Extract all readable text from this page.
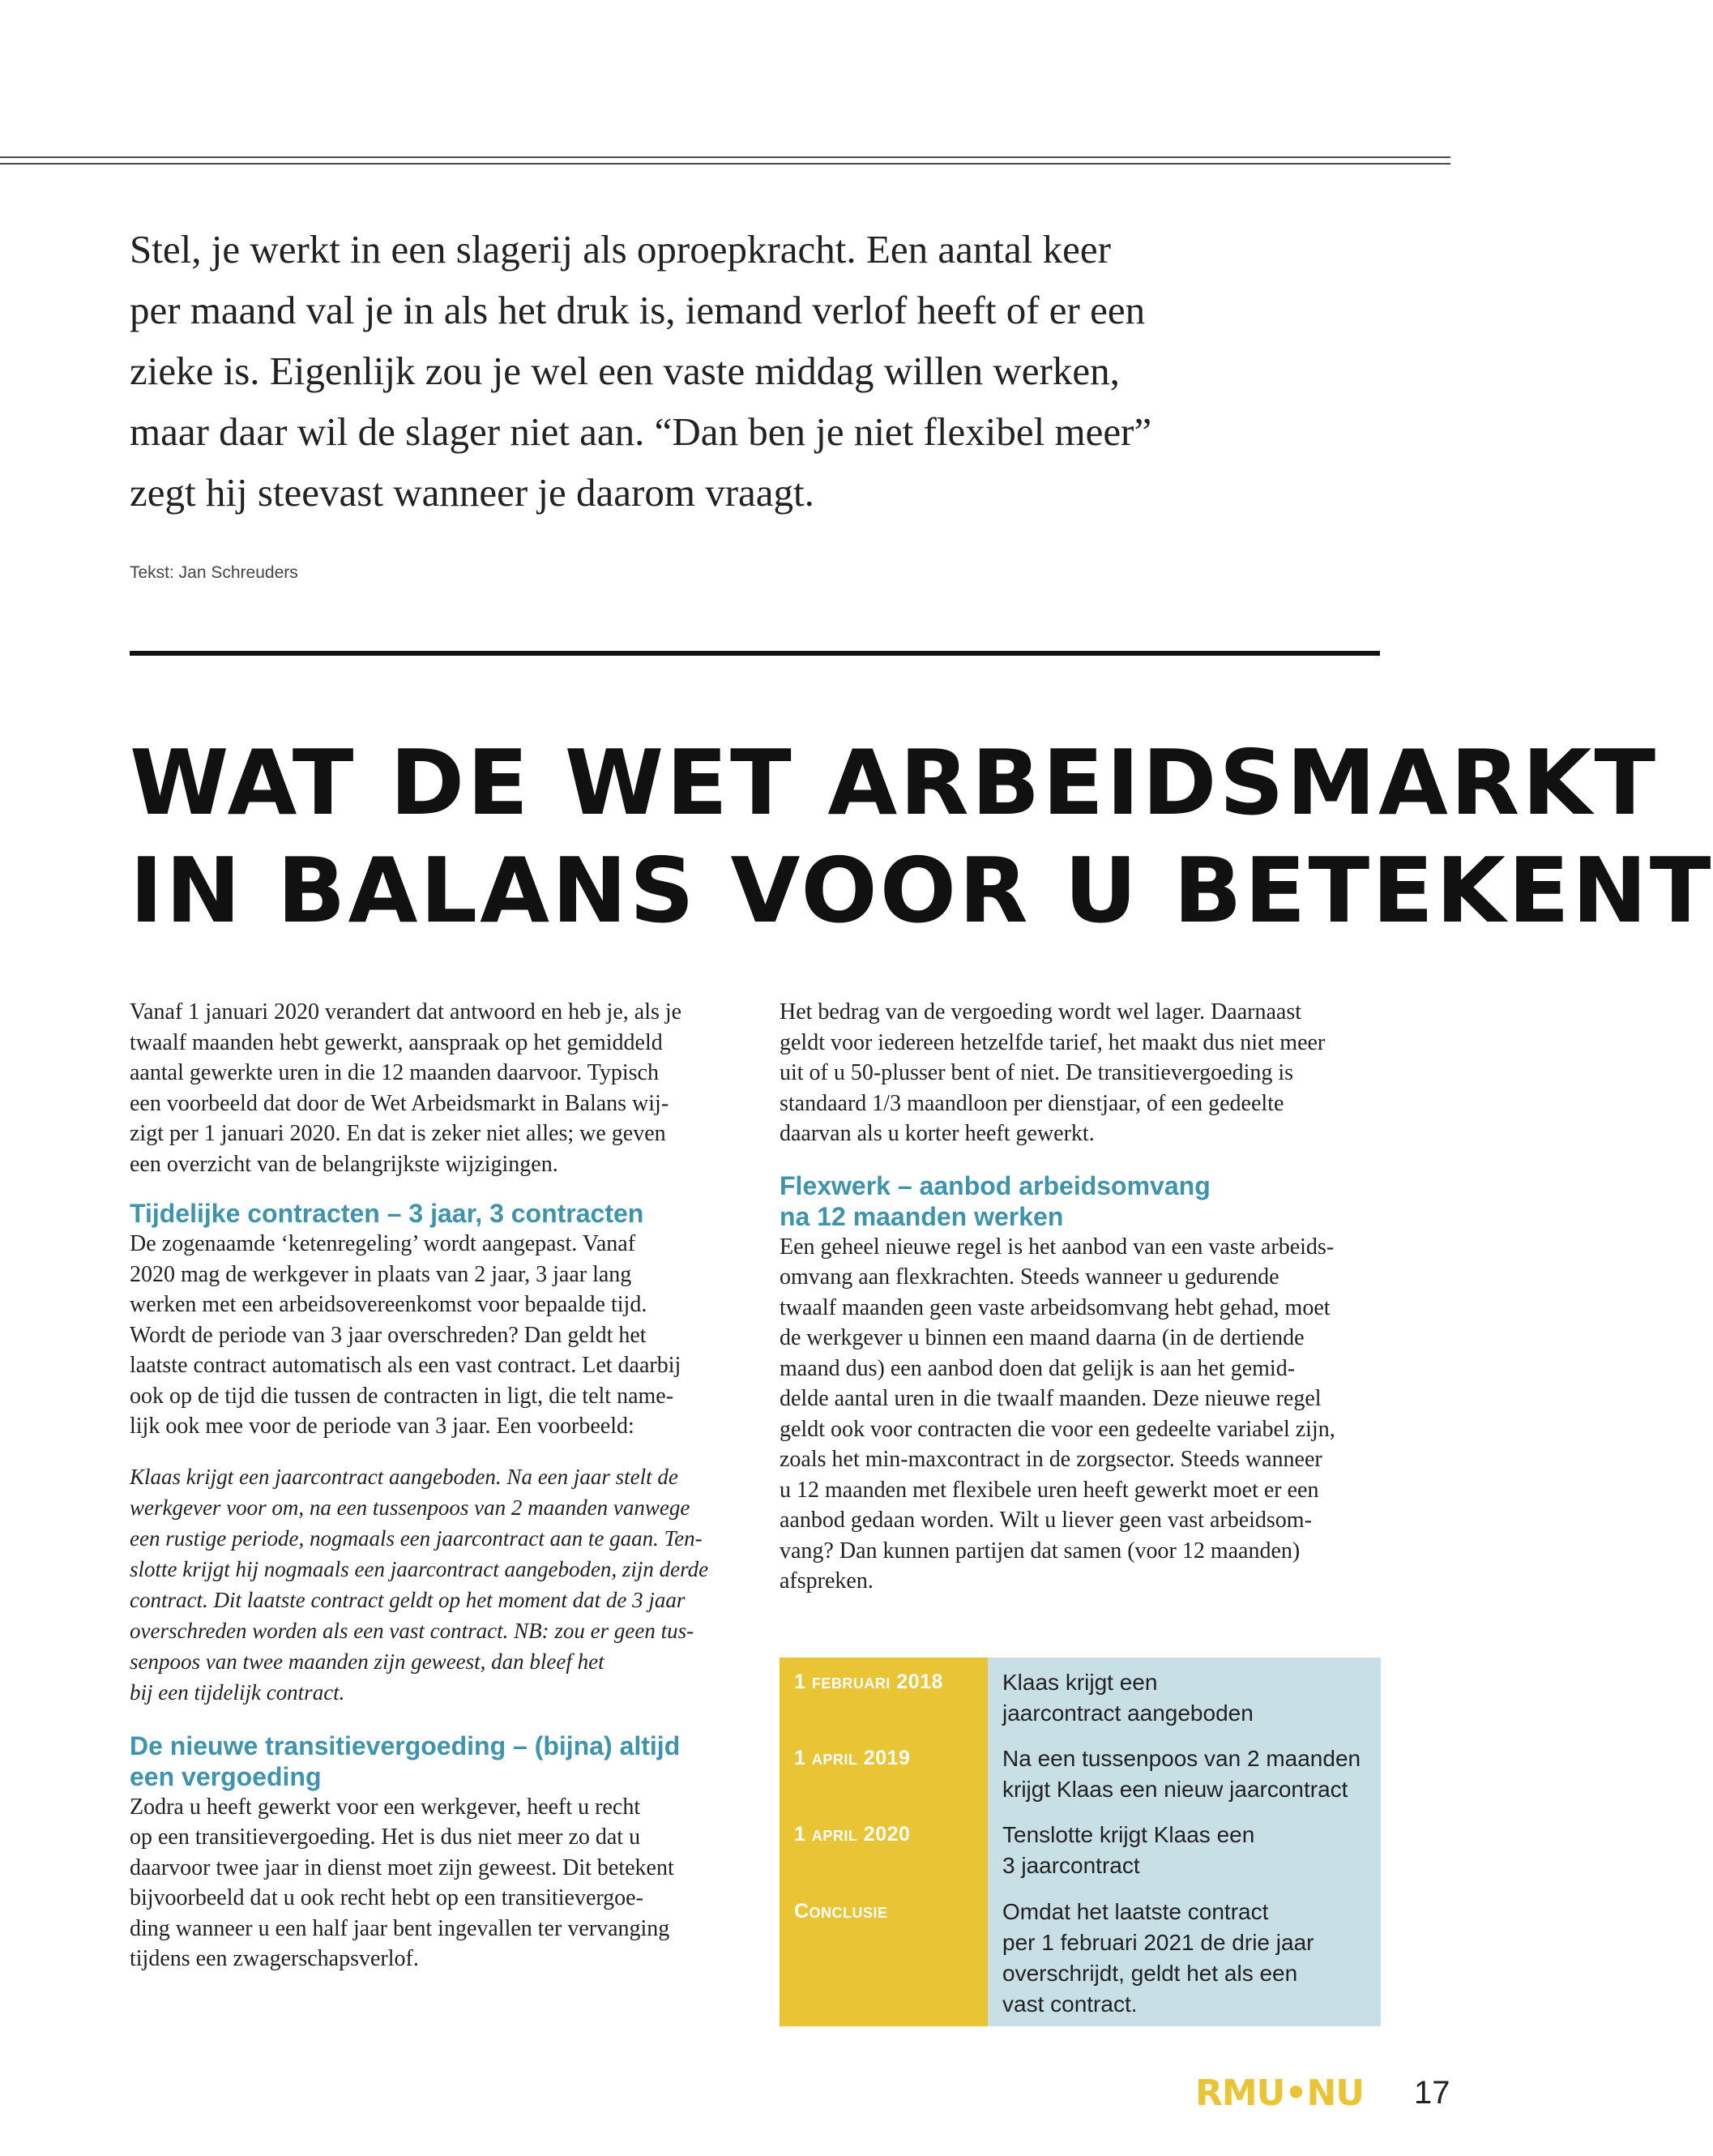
Stel, je werkt in een slagerij als oproepkracht. Een aantal keer
per maand val je in als het druk is, iemand verlof heeft of er een
zieke is. Eigenlijk zou je wel een vaste middag willen werken,
maar daar wil de slager niet aan. “Dan ben je niet flexibel meer”
zegt hij steevast wanneer je daarom vraagt.

Tekst: Jan Schreuders

WAT DE WET ARBEIDSMARKT
IN BALANS VOOR U BETEKENT

Vanaf 1 januari 2020 verandert dat antwoord en heb je, als je
twaalf maanden hebt gewerkt, aanspraak op het gemiddeld
aantal gewerkte uren in die 12 maanden daarvoor. Typisch
een voorbeeld dat door de Wet Arbeidsmarkt in Balans wij-
zigt per 1 januari 2020. En dat is zeker niet alles; we geven
een overzicht van de belangrijkste wijzigingen.

Tijdelijke contracten – 3 jaar, 3 contracten

De zogenaamde ‘ketenregeling’ wordt aangepast. Vanaf
2020 mag de werkgever in plaats van 2 jaar, 3 jaar lang
werken met een arbeidsovereenkomst voor bepaalde tijd.
Wordt de periode van 3 jaar overschreden? Dan geldt het
laatste contract automatisch als een vast contract. Let daarbij
ook op de tijd die tussen de contracten in ligt, die telt name-
lijk ook mee voor de periode van 3 jaar. Een voorbeeld:

Klaas krijgt een jaarcontract aangeboden. Na een jaar stelt de
werkgever voor om, na een tussenpoos van 2 maanden vanwege
een rustige periode, nogmaals een jaarcontract aan te gaan. Ten-
slotte krijgt hij nogmaals een jaarcontract aangeboden, zijn derde
contract. Dit laatste contract geldt op het moment dat de 3 jaar
overschreden worden als een vast contract. NB: zou er geen tus-
senpoos van twee maanden zijn geweest, dan bleef het
bij een tijdelijk contract.

De nieuwe transitievergoeding – (bijna) altijd
een vergoeding

Zodra u heeft gewerkt voor een werkgever, heeft u recht
op een transitievergoeding. Het is dus niet meer zo dat u
daarvoor twee jaar in dienst moet zijn geweest. Dit betekent
bijvoorbeeld dat u ook recht hebt op een transitievergoe-
ding wanneer u een half jaar bent ingevallen ter vervanging
tijdens een zwagerschapsverlof.

Het bedrag van de vergoeding wordt wel lager. Daarnaast
geldt voor iedereen hetzelfde tarief, het maakt dus niet meer
uit of u 50-plusser bent of niet. De transitievergoeding is
standaard 1/3 maandloon per dienstjaar, of een gedeelte
daarvan als u korter heeft gewerkt.

Flexwerk – aanbod arbeidsomvang
na 12 maanden werken

Een geheel nieuwe regel is het aanbod van een vaste arbeids-
omvang aan flexkrachten. Steeds wanneer u gedurende
twaalf maanden geen vaste arbeidsomvang hebt gehad, moet
de werkgever u binnen een maand daarna (in de dertiende
maand dus) een aanbod doen dat gelijk is aan het gemid-
delde aantal uren in die twaalf maanden. Deze nieuwe regel
geldt ook voor contracten die voor een gedeelte variabel zijn,
zoals het min-maxcontract in de zorgsector. Steeds wanneer
u 12 maanden met flexibele uren heeft gewerkt moet er een
aanbod gedaan worden. Wilt u liever geen vast arbeidsom-
vang? Dan kunnen partijen dat samen (voor 12 maanden)
afspreken.

1 februari 2018	Klaas krijgt een
jaarcontract aangeboden
1 april 2019	Na een tussenpoos van 2 maanden
krijgt Klaas een nieuw jaarcontract
1 april 2020	Tenslotte krijgt Klaas een
3 jaarcontract
Conclusie	Omdat het laatste contract
per 1 februari 2021 de drie jaar
overschrijdt, geldt het als een
vast contract.

RMU•NU 17
